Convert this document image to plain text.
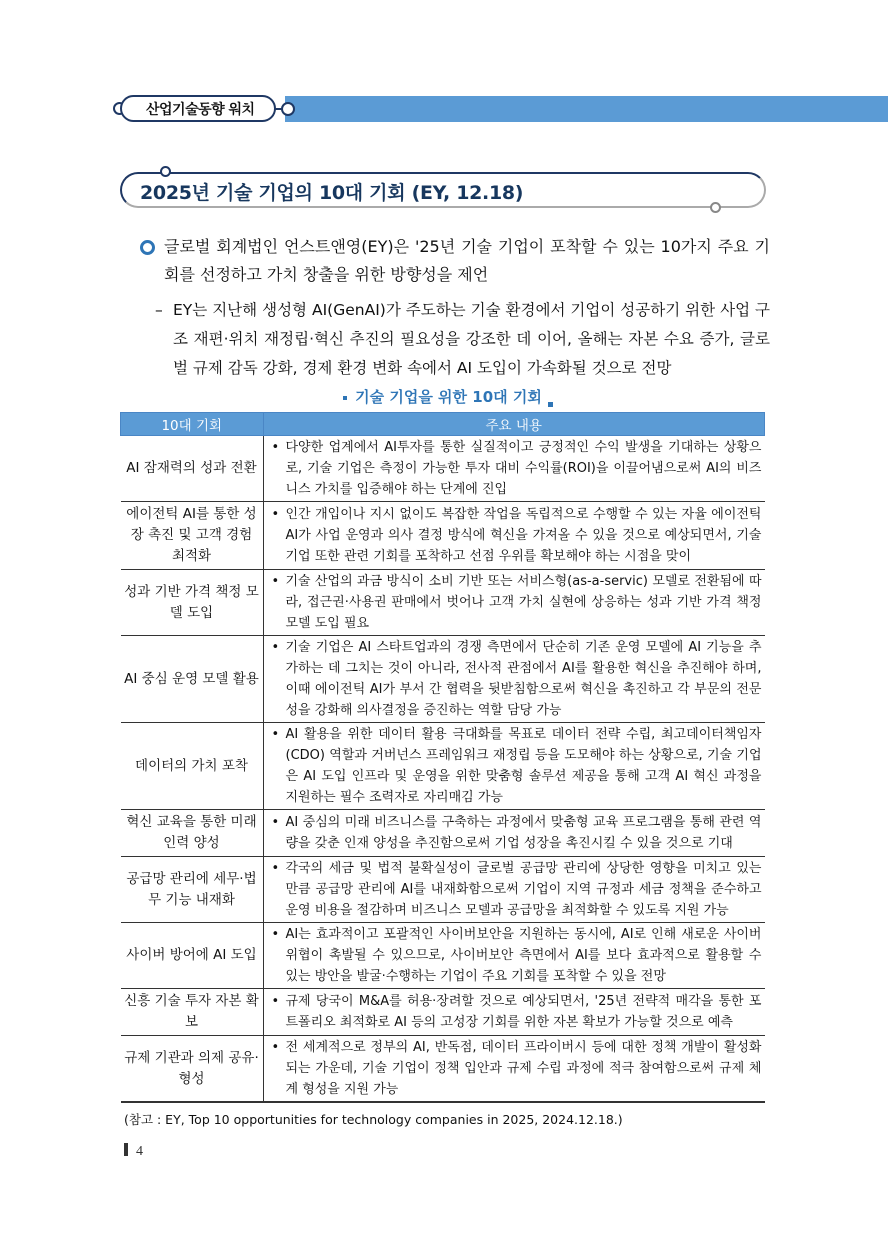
산업기술동향 워치
2025년 기술 기업의 10대 기회 (EY, 12.18)
글로벌 회계법인 언스트앤영(EY)은 '25년 기술 기업이 포착할 수 있는 10가지 주요 기회를 선정하고 가치 창출을 위한 방향성을 제언
– EY는 지난해 생성형 AI(GenAI)가 주도하는 기술 환경에서 기업이 성공하기 위한 사업 구조 재편·위치 재정립·혁신 추진의 필요성을 강조한 데 이어, 올해는 자본 수요 증가, 글로벌 규제 감독 강화, 경제 환경 변화 속에서 AI 도입이 가속화될 것으로 전망
기술 기업을 위한 10대 기회
10대 기회	주요 내용
AI 잠재력의 성과 전환	• 다양한 업계에서 AI투자를 통한 실질적이고 긍정적인 수익 발생을 기대하는 상황으로, 기술 기업은 측정이 가능한 투자 대비 수익률(ROI)을 이끌어냄으로써 AI의 비즈니스 가치를 입증해야 하는 단계에 진입

에이전틱 AI를 통한 성장 촉진 및 고객 경험 최적화	• 인간 개입이나 지시 없이도 복잡한 작업을 독립적으로 수행할 수 있는 자율 에이전틱 AI가 사업 운영과 의사 결정 방식에 혁신을 가져올 수 있을 것으로 예상되면서, 기술 기업 또한 관련 기회를 포착하고 선점 우위를 확보해야 하는 시점을 맞이

성과 기반 가격 책정 모델 도입	• 기술 산업의 과금 방식이 소비 기반 또는 서비스형(as-a-servic) 모델로 전환됨에 따라, 접근권·사용권 판매에서 벗어나 고객 가치 실현에 상응하는 성과 기반 가격 책정 모델 도입 필요

AI 중심 운영 모델 활용	• 기술 기업은 AI 스타트업과의 경쟁 측면에서 단순히 기존 운영 모델에 AI 기능을 추가하는 데 그치는 것이 아니라, 전사적 관점에서 AI를 활용한 혁신을 추진해야 하며, 이때 에이전틱 AI가 부서 간 협력을 뒷받침함으로써 혁신을 촉진하고 각 부문의 전문성을 강화해 의사결정을 증진하는 역할 담당 가능

데이터의 가치 포착	• AI 활용을 위한 데이터 활용 극대화를 목표로 데이터 전략 수립, 최고데이터책임자(CDO) 역할과 거버넌스 프레임워크 재정립 등을 도모해야 하는 상황으로, 기술 기업은 AI 도입 인프라 및 운영을 위한 맞춤형 솔루션 제공을 통해 고객 AI 혁신 과정을 지원하는 필수 조력자로 자리매김 가능

혁신 교육을 통한 미래 인력 양성	• AI 중심의 미래 비즈니스를 구축하는 과정에서 맞춤형 교육 프로그램을 통해 관련 역량을 갖춘 인재 양성을 추진함으로써 기업 성장을 촉진시킬 수 있을 것으로 기대

공급망 관리에 세무·법무 기능 내재화	• 각국의 세금 및 법적 불확실성이 글로벌 공급망 관리에 상당한 영향을 미치고 있는 만큼 공급망 관리에 AI를 내재화함으로써 기업이 지역 규정과 세금 정책을 준수하고 운영 비용을 절감하며 비즈니스 모델과 공급망을 최적화할 수 있도록 지원 가능

사이버 방어에 AI 도입	• AI는 효과적이고 포괄적인 사이버보안을 지원하는 동시에, AI로 인해 새로운 사이버 위협이 촉발될 수 있으므로, 사이버보안 측면에서 AI를 보다 효과적으로 활용할 수 있는 방안을 발굴·수행하는 기업이 주요 기회를 포착할 수 있을 전망

신흥 기술 투자 자본 확보	• 규제 당국이 M&A를 허용·장려할 것으로 예상되면서, '25년 전략적 매각을 통한 포트폴리오 최적화로 AI 등의 고성장 기회를 위한 자본 확보가 가능할 것으로 예측

규제 기관과 의제 공유·형성	• 전 세계적으로 정부의 AI, 반독점, 데이터 프라이버시 등에 대한 정책 개발이 활성화되는 가운데, 기술 기업이 정책 입안과 규제 수립 과정에 적극 참여함으로써 규제 체계 형성을 지원 가능
(참고 : EY, Top 10 opportunities for technology companies in 2025, 2024.12.18.)
4
